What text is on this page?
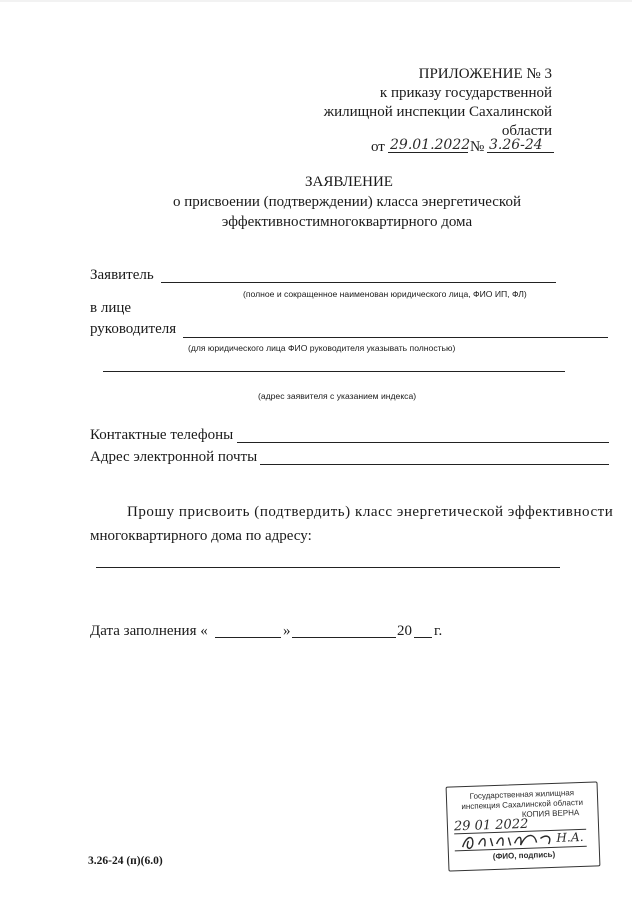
ПРИЛОЖЕНИЕ № 3
к приказу государственной
жилищной инспекции Сахалинской
области
от 29.01.2022 № 3.26-24
ЗАЯВЛЕНИЕ
о присвоении (подтверждении) класса энергетической
эффективностимногоквартирного дома
Заявитель
(полное и сокращенное наименован юридического лица, ФИО ИП, ФЛ)
в лице
руководителя
(для юридического лица ФИО руководителя указывать полностью)
(адрес заявителя с указанием индекса)
Контактные телефоны
Адрес электронной почты
Прошу присвоить (подтвердить) класс энергетической эффективности
многоквартирного дома по адресу:
Дата заполнения «	»	20 г.
Государственная жилищная
инспекция Сахалинской области
КОПИЯ ВЕРНА
29 01 2022
Н.А.
(ФИО, подпись)
3.26-24 (п)(6.0)
